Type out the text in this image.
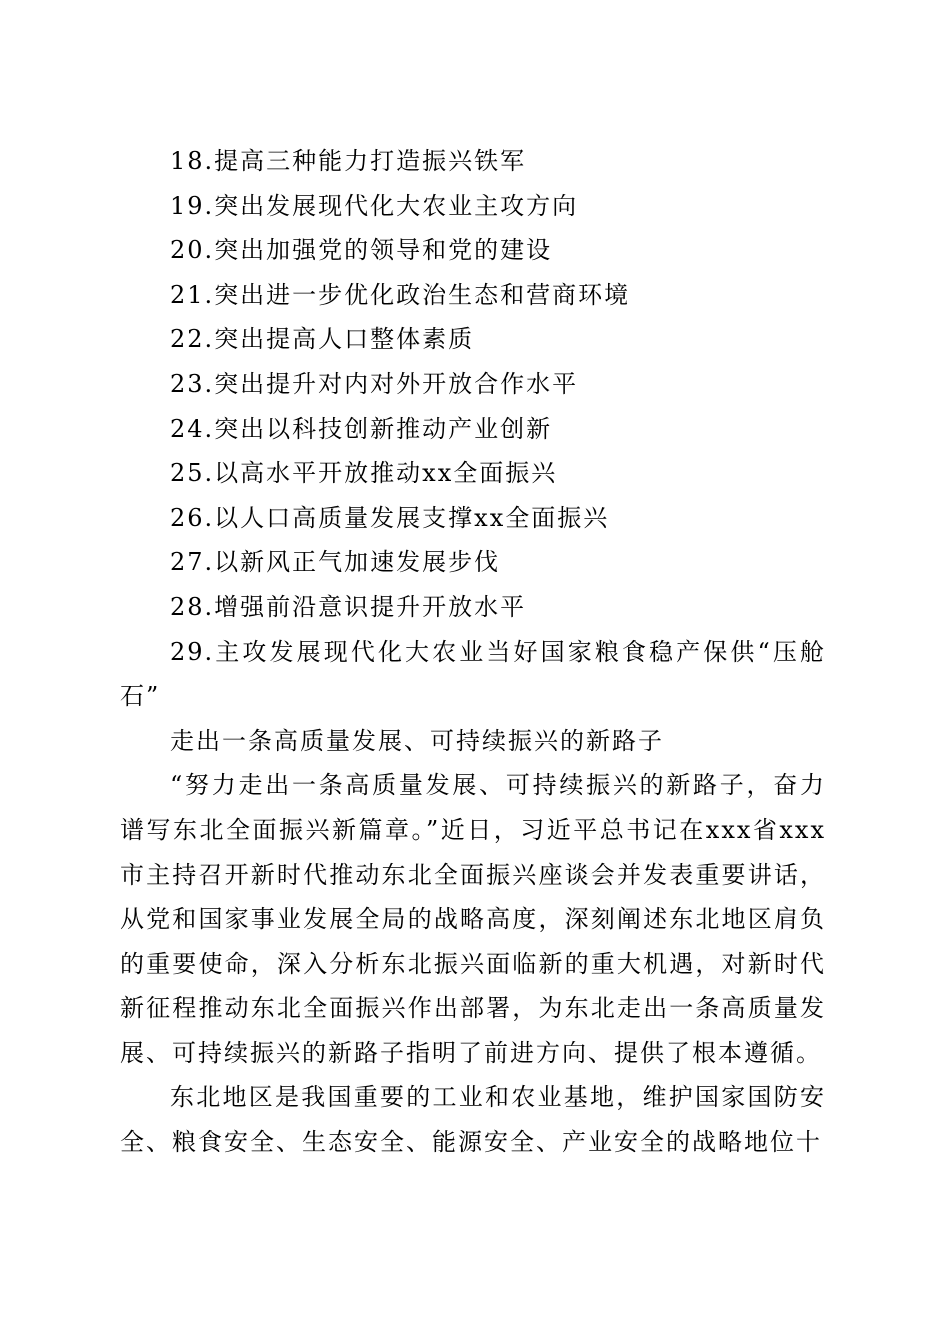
18.提高三种能力打造振兴铁军
19.突出发展现代化大农业主攻方向
20.突出加强党的领导和党的建设
21.突出进一步优化政治生态和营商环境
22.突出提高人口整体素质
23.突出提升对内对外开放合作水平
24.突出以科技创新推动产业创新
25.以高水平开放推动xx全面振兴
26.以人口高质量发展支撑xx全面振兴
27.以新风正气加速发展步伐
28.增强前沿意识提升开放水平

29.主攻发展现代化大农业当好国家粮食稳产保供“压舱石”

走出一条高质量发展、可持续振兴的新路子

“努力走出一条高质量发展、可持续振兴的新路子，奋力谱写东北全面振兴新篇章。”近日，习近平总书记在xxx省xxx市主持召开新时代推动东北全面振兴座谈会并发表重要讲话，从党和国家事业发展全局的战略高度，深刻阐述东北地区肩负的重要使命，深入分析东北振兴面临新的重大机遇，对新时代新征程推动东北全面振兴作出部署，为东北走出一条高质量发展、可持续振兴的新路子指明了前进方向、提供了根本遵循。

东北地区是我国重要的工业和农业基地，维护国家国防安全、粮食安全、生态安全、能源安全、产业安全的战略地位十
